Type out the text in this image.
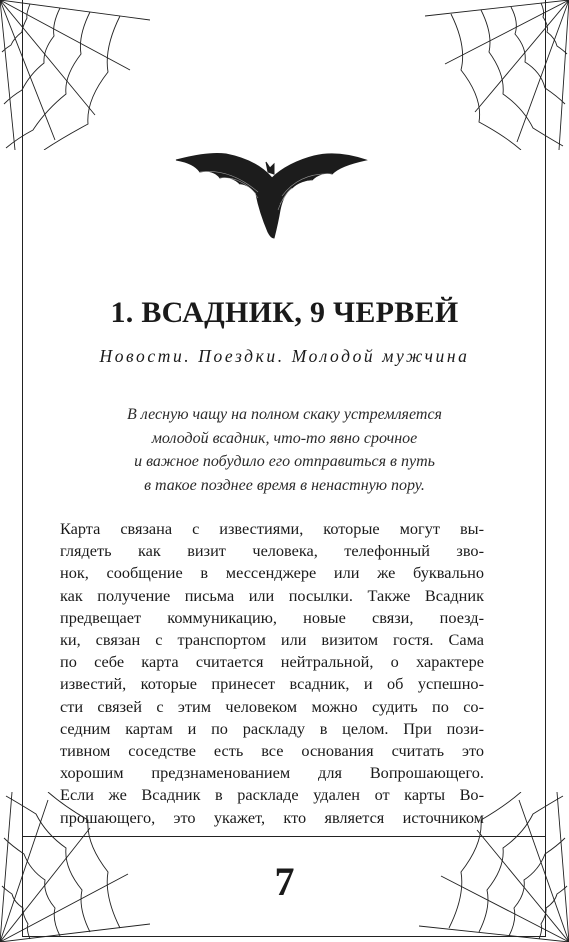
1. ВСАДНИК, 9 ЧЕРВЕЙ

Новости. Поездки. Молодой мужчина

В лесную чащу на полном скаку устремляется
молодой всадник, что-то явно срочное
и важное побудило его отправиться в путь
в такое позднее время в ненастную пору.

Карта связана с известиями, которые могут вы-
глядеть как визит человека, телефонный зво-
нок, сообщение в мессенджере или же буквально
как получение письма или посылки. Также Всадник
предвещает коммуникацию, новые связи, поезд-
ки, связан с транспортом или визитом гостя. Сама
по себе карта считается нейтральной, о характере
известий, которые принесет всадник, и об успешно-
сти связей с этим человеком можно судить по со-
седним картам и по раскладу в целом. При пози-
тивном соседстве есть все основания считать это
хорошим предзнаменованием для Вопрошающего.
Если же Всадник в раскладе удален от карты Во-
прошающего, это укажет, кто является источником

7
